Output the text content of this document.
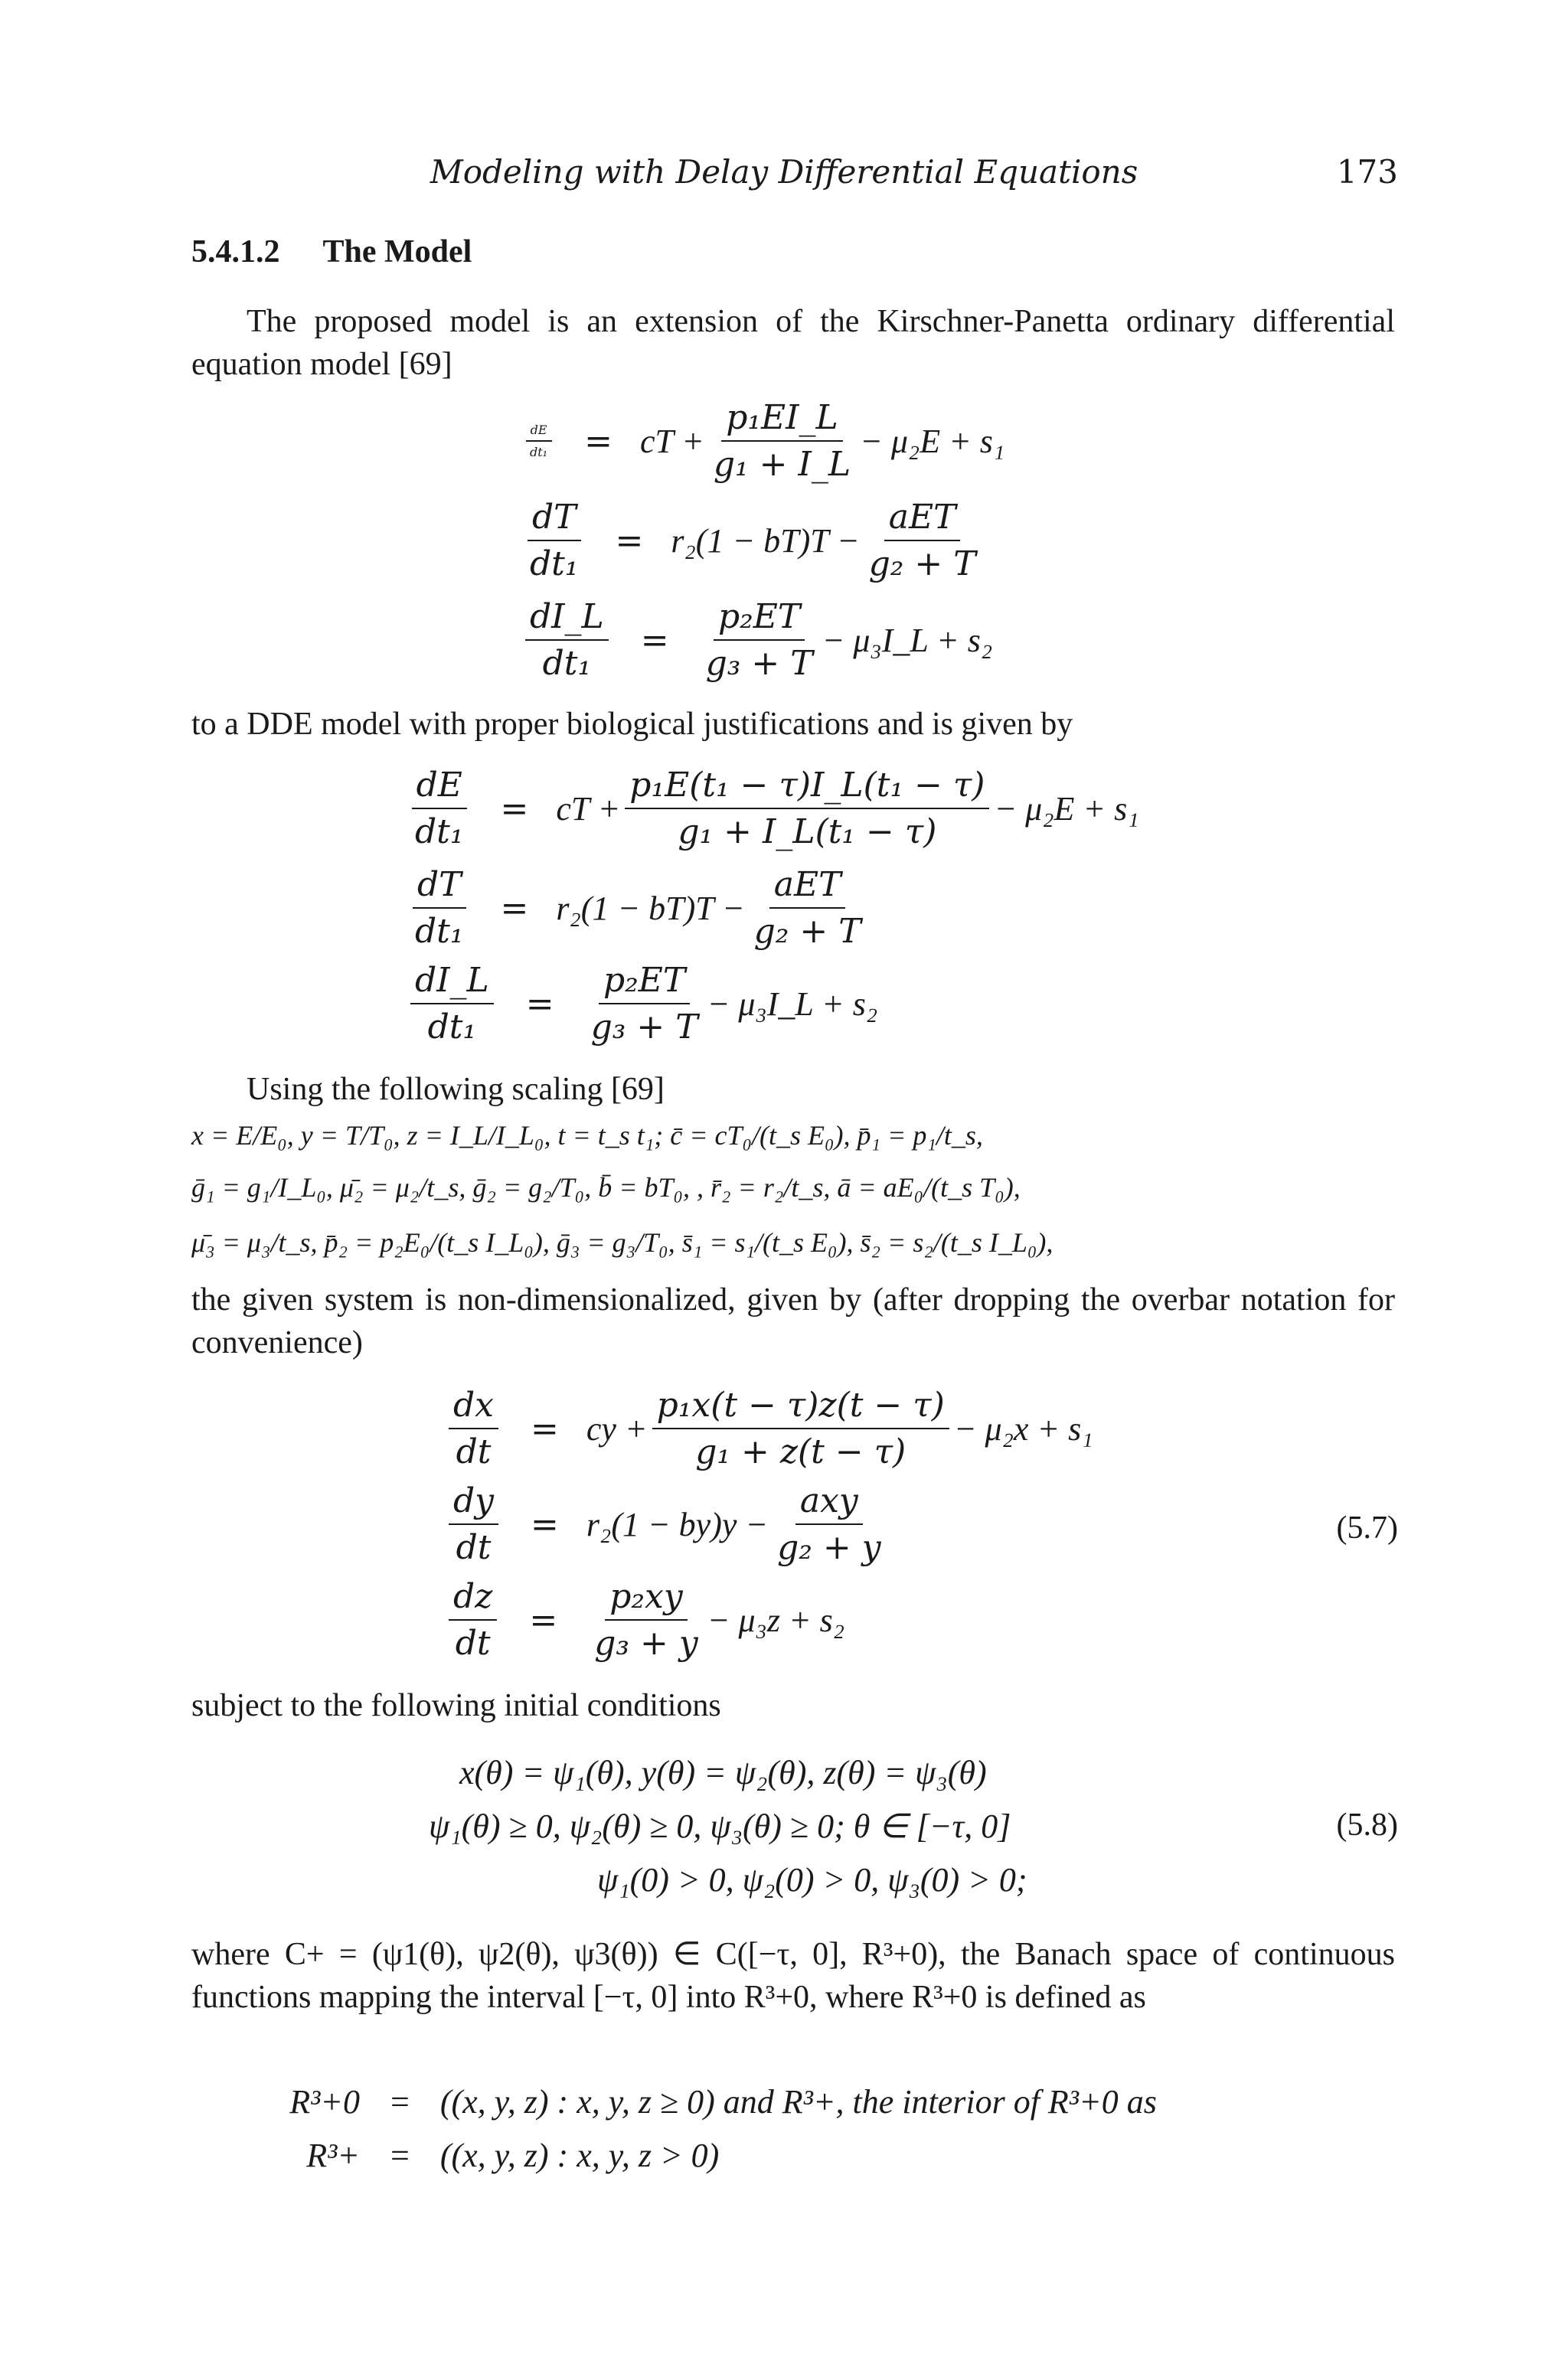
Modeling with Delay Differential Equations	173
5.4.1.2 The Model
The proposed model is an extension of the Kirschner-Panetta ordinary differential equation model [69]
$\frac{dE}{\text{dt₁}}$ = cT + $\frac{\text{p₁EI\_L}}{\text{g₁ + I\_L}} - \mu_2E + s_1$
$\frac{dT}{\text{dt₁}} = r_2(1 - bT)T - \frac{\text{aET}}{\text{g₂ + T}}$
$\frac{dI\_L}{\text{dt₁}} = \frac{\text{p₂ET}}{\text{g₃ + T}}$ − μ₃I_L + s₂
to a DDE model with proper biological justifications and is given by
$\frac{dE}{\text{dt₁}}$ = cT + $\frac{\text{p₁E(t₁ − τ)I\_L(t₁ − τ)}}{\text{g₁ + I\_L(t₁ − τ)}} - \mu_2E + s_1$
$\frac{dT}{\text{dt₁}} = r_2(1 - bT)T - \frac{\text{aET}}{\text{g₂ + T}}$
$\frac{dI\_L}{\text{dt₁}} = \frac{\text{p₂ET}}{\text{g₃ + T}}$ − μ₃I_L + s₂
Using the following scaling [69]
x = E/E₀, y = T/T₀, z = I_L/I_L₀, t = t_s t₁; c̄ = cT₀/(t_s E₀), p̄₁ = p₁/t_s,
ḡ₁ = g₁/I_L₀, μ̄₂ = μ₂/t_s, ḡ₂ = g₂/T₀, b̄ = bT₀, , r̄₂ = r₂/t_s, ā = aE₀/(t_s T₀),
μ̄₃ = μ₃/t_s, p̄₂ = p₂E₀/(t_s I_L₀), ḡ₃ = g₃/T₀, s̄₁ = s₁/(t_s E₀), s̄₂ = s₂/(t_s I_L₀),
the given system is non-dimensionalized, given by (after dropping the overbar notation for convenience)
$\frac{dx}{dt}$ = cy + $\frac{\text{p₁x(t − τ)z(t − τ)}}{\text{g₁ + z(t − τ)}} - \mu_2x + s_1$
$\frac{dy}{dt} = r_2(1 - by)y - \frac{\text{axy}}{\text{g₂ + y}}$
$\frac{dz}{dt} = \frac{\text{p₂xy}}{\text{g₃ + y}} - \mu_3z + s_2$
(5.7)
subject to the following initial conditions
x(θ) = ψ₁(θ), y(θ) = ψ₂(θ), z(θ) = ψ₃(θ)
ψ₁(θ) ≥ 0, ψ₂(θ) ≥ 0, ψ₃(θ) ≥ 0; θ ∈ [−τ, 0]
ψ₁(0) > 0, ψ₂(0) > 0, ψ₃(0) > 0;
(5.8)
where C+ = (ψ1(θ), ψ2(θ), ψ3(θ)) ∈ C([−τ, 0], R³+0), the Banach space of continuous functions mapping the interval [−τ, 0] into R³+0, where R³+0 is defined as
R³+0 = ((x, y, z) : x, y, z ≥ 0) and R³+, the interior of R³+0 as
R³+ = ((x, y, z) : x, y, z > 0)
